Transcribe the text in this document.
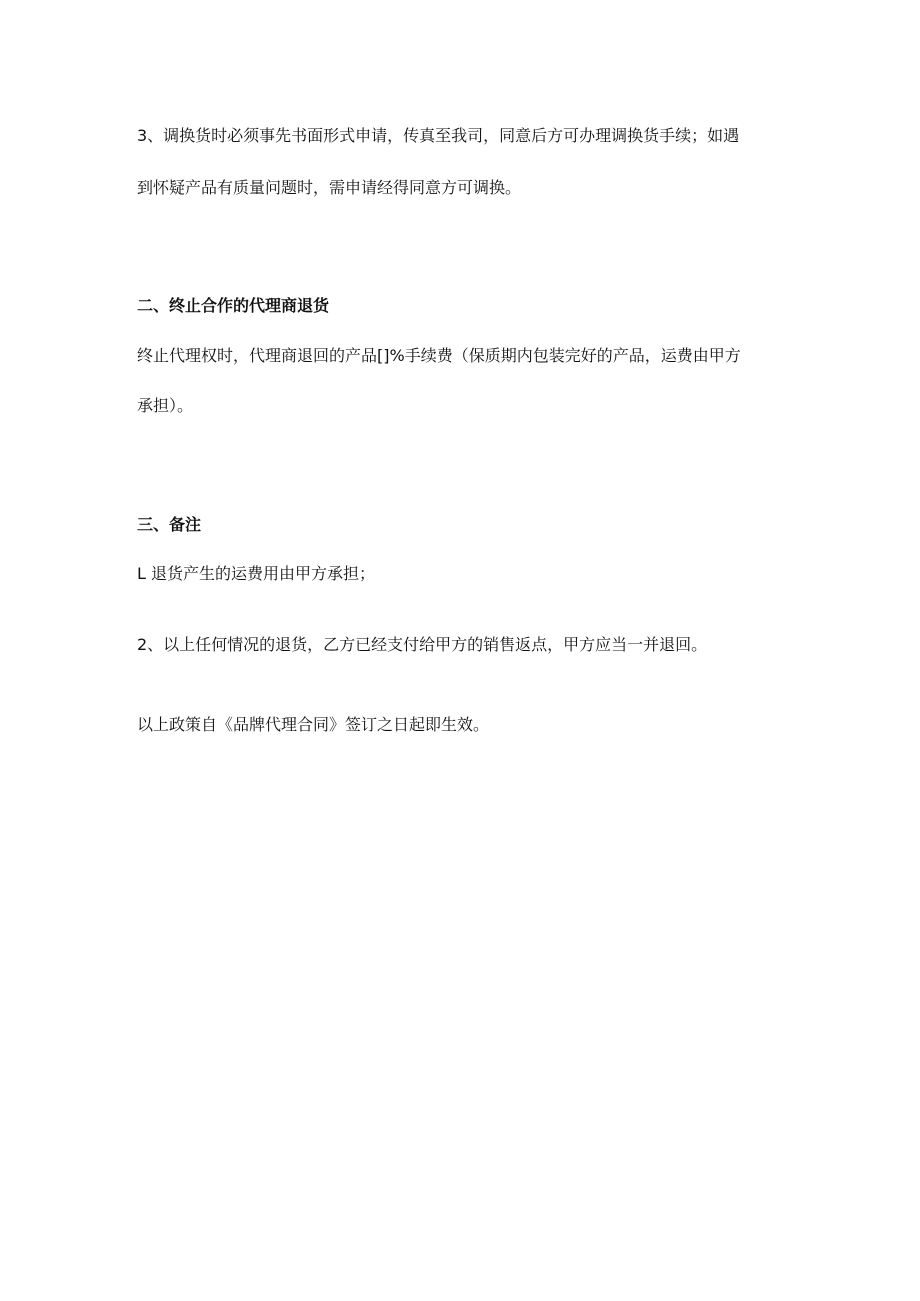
3、调换货时必须事先书面形式申请，传真至我司，同意后方可办理调换货手续；如遇
到怀疑产品有质量问题时，需申请经得同意方可调换。
二、终止合作的代理商退货
终止代理权时，代理商退回的产品[]%手续费（保质期内包装完好的产品，运费由甲方
承担）。
三、备注
L 退货产生的运费用由甲方承担；
2、以上任何情况的退货，乙方已经支付给甲方的销售返点，甲方应当一并退回。
以上政策自《品牌代理合同》签订之日起即生效。
